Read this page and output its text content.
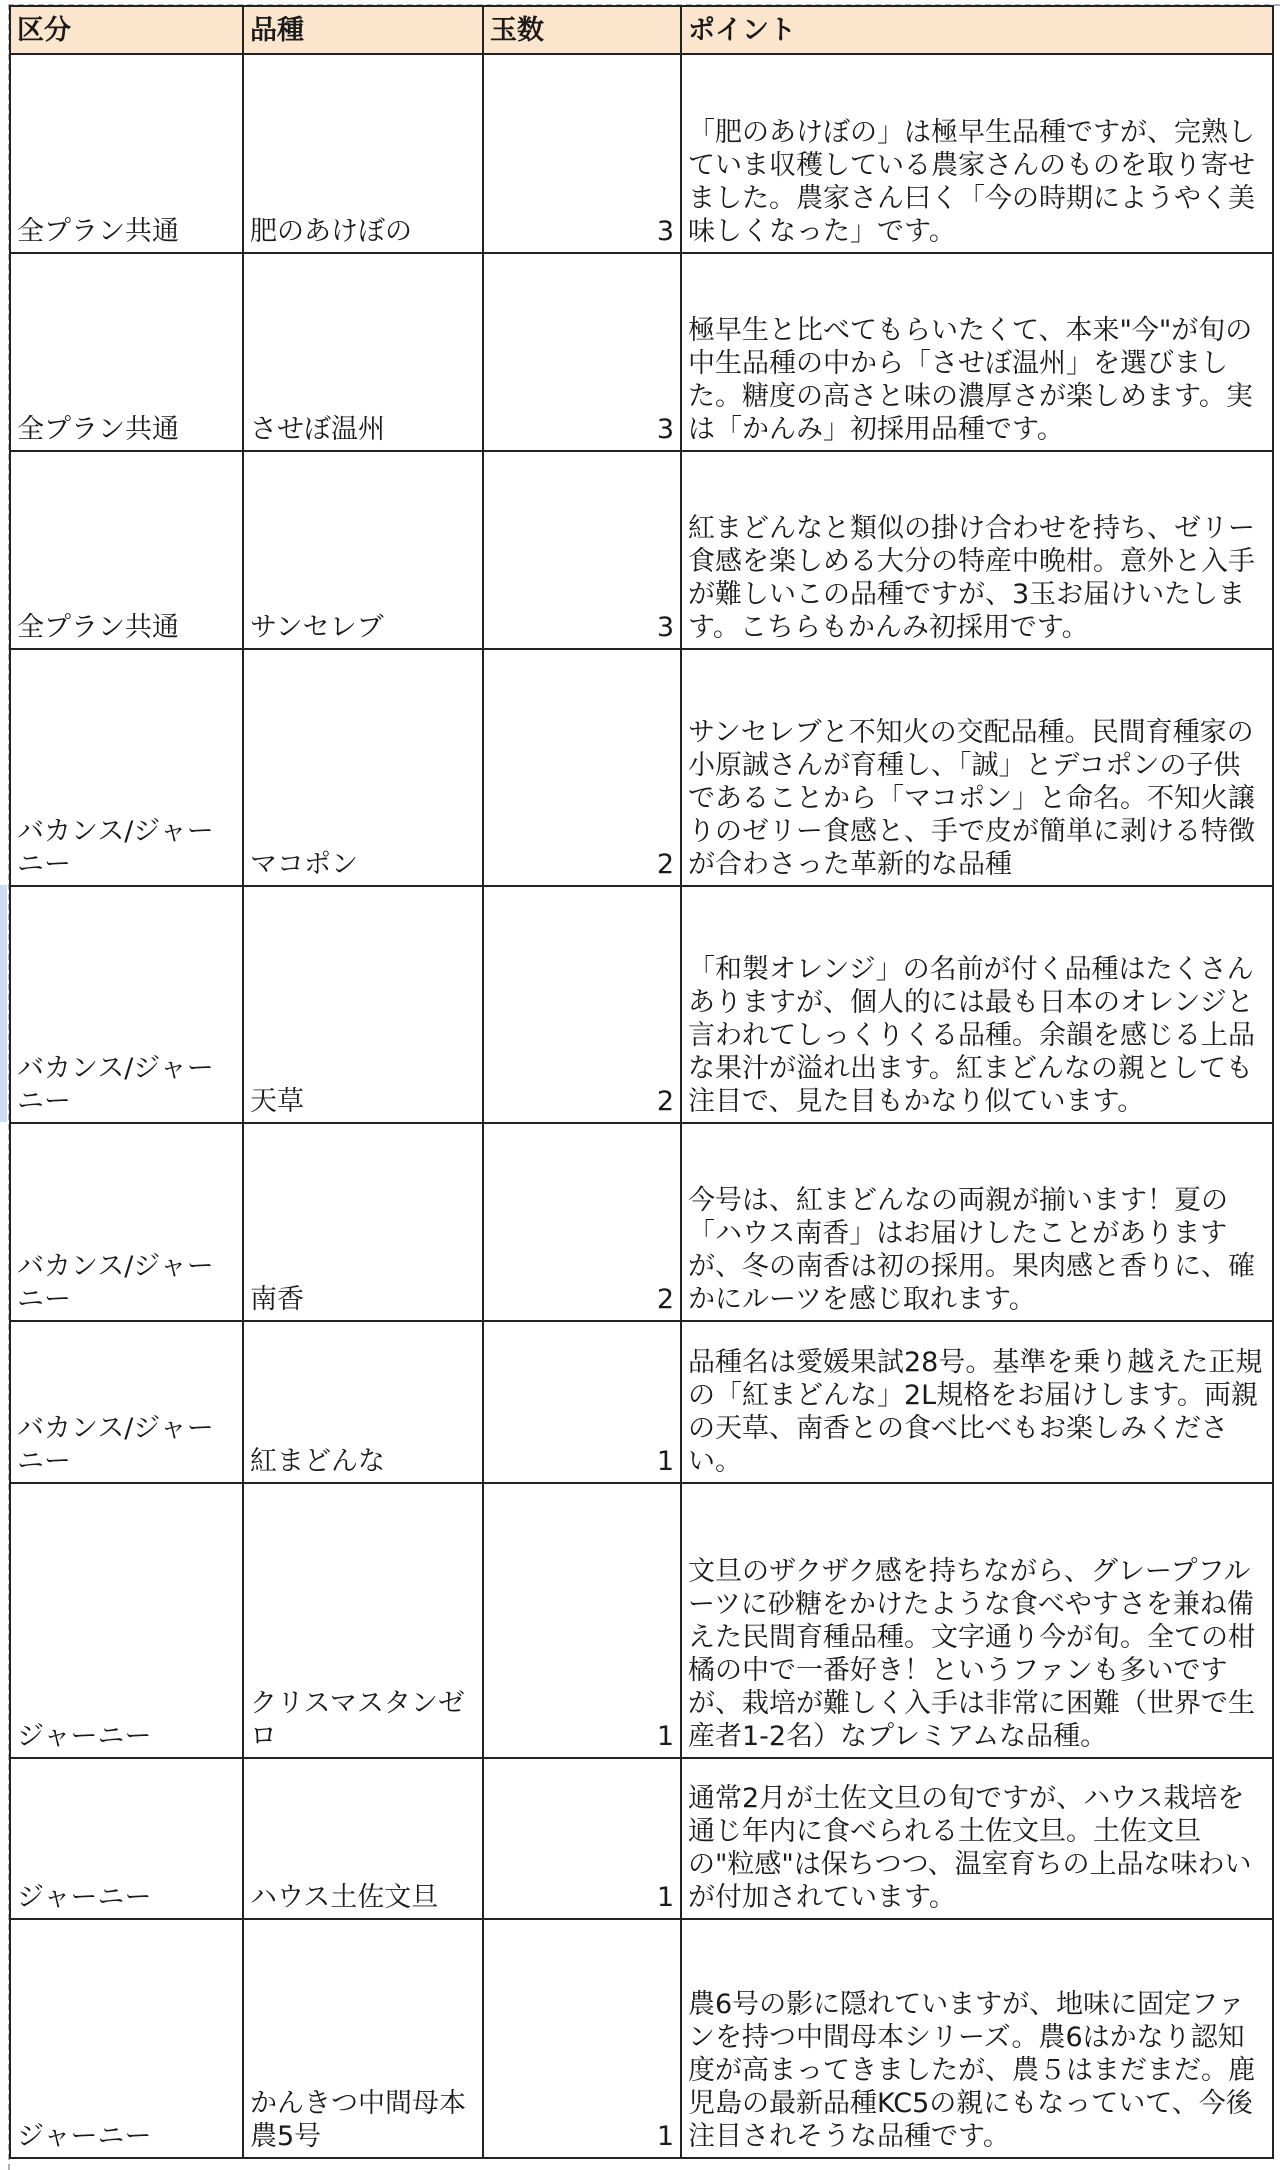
区分	品種	玉数	ポイント
全プラン共通	肥のあけぼの	3	「肥のあけぼの」は極早生品種ですが、完熟していま収穫している農家さんのものを取り寄せました。農家さん曰く「今の時期にようやく美味しくなった」です。
全プラン共通	させぼ温州	3	極早生と比べてもらいたくて、本来"今"が旬の中生品種の中から「させぼ温州」を選びました。糖度の高さと味の濃厚さが楽しめます。実は「かんみ」初採用品種です。
全プラン共通	サンセレブ	3	紅まどんなと類似の掛け合わせを持ち、ゼリー食感を楽しめる大分の特産中晩柑。意外と入手が難しいこの品種ですが、3玉お届けいたします。こちらもかんみ初採用です。
バカンス/ジャーニー	マコポン	2	サンセレブと不知火の交配品種。民間育種家の小原誠さんが育種し、「誠」とデコポンの子供であることから「マコポン」と命名。不知火譲りのゼリー食感と、手で皮が簡単に剥ける特徴が合わさった革新的な品種
バカンス/ジャーニー	天草	2	「和製オレンジ」の名前が付く品種はたくさんありますが、個人的には最も日本のオレンジと言われてしっくりくる品種。余韻を感じる上品な果汁が溢れ出ます。紅まどんなの親としても注目で、見た目もかなり似ています。
バカンス/ジャーニー	南香	2	今号は、紅まどんなの両親が揃います！夏の「ハウス南香」はお届けしたことがありますが、冬の南香は初の採用。果肉感と香りに、確かにルーツを感じ取れます。
バカンス/ジャーニー	紅まどんな	1	品種名は愛媛果試28号。基準を乗り越えた正規の「紅まどんな」2L規格をお届けします。両親の天草、南香との食べ比べもお楽しみください。
ジャーニー	クリスマスタンゼロ	1	文旦のザクザク感を持ちながら、グレープフルーツに砂糖をかけたような食べやすさを兼ね備えた民間育種品種。文字通り今が旬。全ての柑橘の中で一番好き！というファンも多いですが、栽培が難しく入手は非常に困難（世界で生産者1-2名）なプレミアムな品種。
ジャーニー	ハウス土佐文旦	1	通常2月が土佐文旦の旬ですが、ハウス栽培を通じ年内に食べられる土佐文旦。土佐文旦の"粒感"は保ちつつ、温室育ちの上品な味わいが付加されています。
ジャーニー	かんきつ中間母本農5号	1	農6号の影に隠れていますが、地味に固定ファンを持つ中間母本シリーズ。農6はかなり認知度が高まってきましたが、農５はまだまだ。鹿児島の最新品種KC5の親にもなっていて、今後注目されそうな品種です。
